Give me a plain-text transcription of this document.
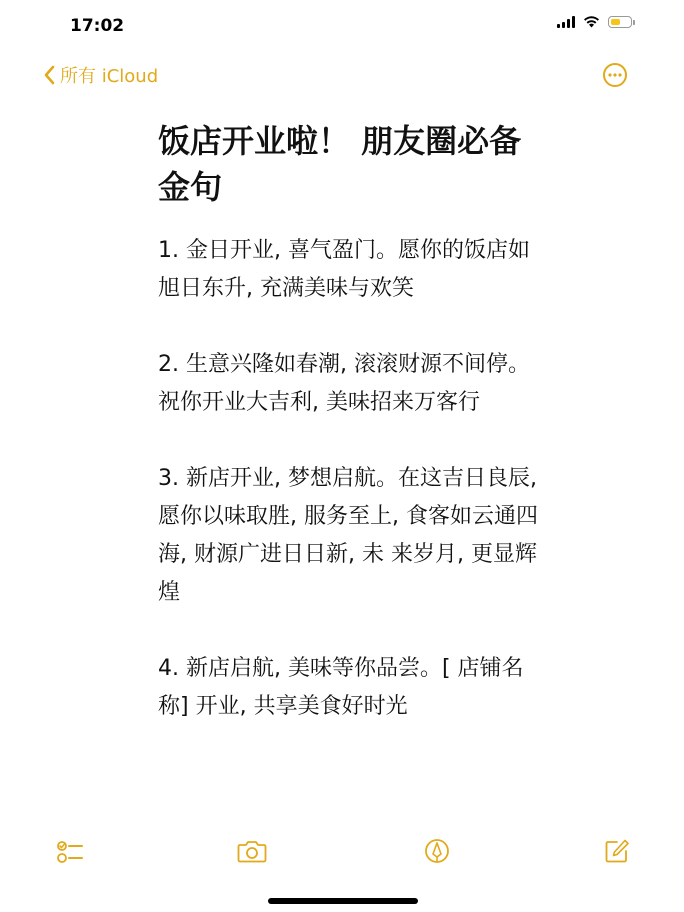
17:02
所有 iCloud
饭店开业啦！ 朋友圈必备金句
1. 金日开业, 喜气盈门。愿你的饭店如旭日东升, 充满美味与欢笑
2. 生意兴隆如春潮, 滚滚财源不间停。祝你开业大吉利, 美味招来万客行
3. 新店开业, 梦想启航。在这吉日良辰, 愿你以味取胜, 服务至上, 食客如云通四海, 财源广进日日新, 未 来岁月, 更显辉煌
4. 新店启航, 美味等你品尝。[ 店铺名称] 开业, 共享美食好时光
